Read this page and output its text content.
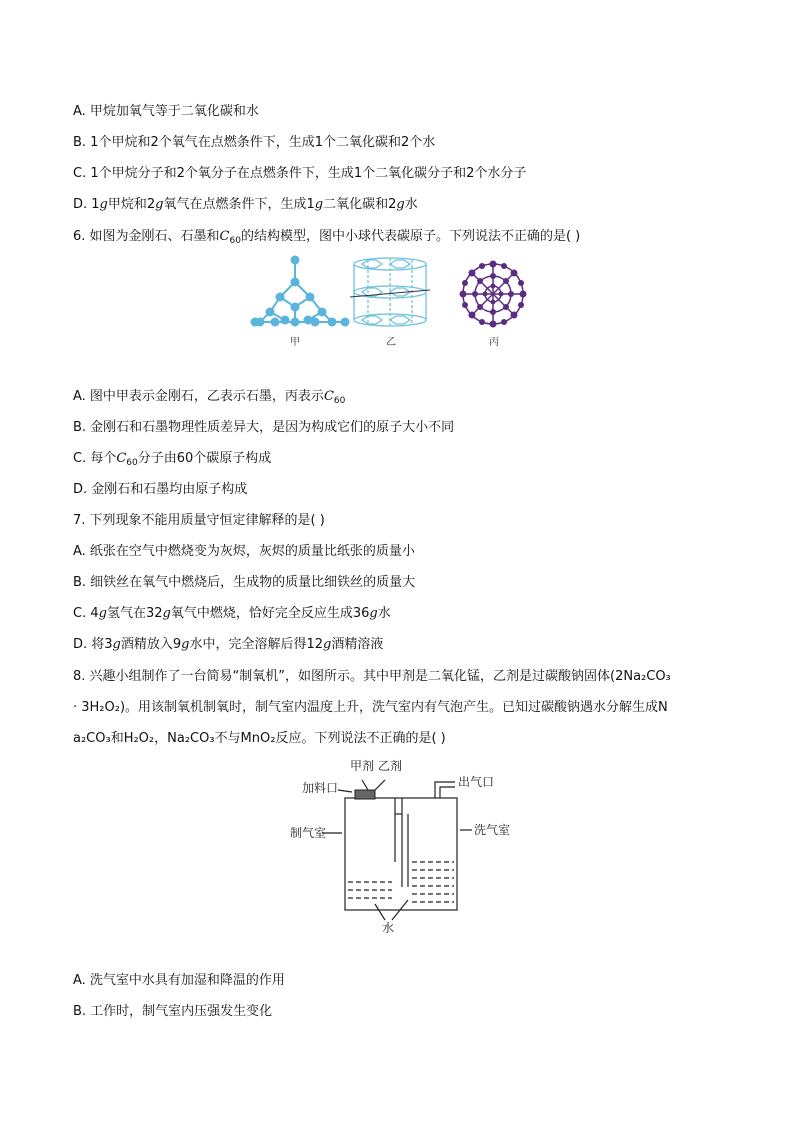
A. 甲烷加氧气等于二氧化碳和水
B. 1个甲烷和2个氧气在点燃条件下，生成1个二氧化碳和2个水
C. 1个甲烷分子和2个氧分子在点燃条件下，生成1个二氧化碳分子和2个水分子
D. 1g甲烷和2g氧气在点燃条件下，生成1g二氧化碳和2g水
6. 如图为金刚石、石墨和$C_{60}$的结构模型，图中小球代表碳原子。下列说法不正确的是( )
甲	乙	丙
A. 图中甲表示金刚石，乙表示石墨，丙表示$C_{60}$
B. 金刚石和石墨物理性质差异大，是因为构成它们的原子大小不同
C. 每个$C_{60}$分子由60个碳原子构成
D. 金刚石和石墨均由原子构成
7. 下列现象不能用质量守恒定律解释的是( )
A. 纸张在空气中燃烧变为灰烬，灰烬的质量比纸张的质量小
B. 细铁丝在氧气中燃烧后，生成物的质量比细铁丝的质量大
C. 4g氢气在32g氧气中燃烧，恰好完全反应生成36g水
D. 将3g酒精放入9g水中，完全溶解后得12g酒精溶液
8. 兴趣小组制作了一台简易“制氧机”，如图所示。其中甲剂是二氧化锰，乙剂是过碳酸钠固体(2Na₂CO₃
· 3H₂O₂)。用该制氧机制氧时，制气室内温度上升，洗气室内有气泡产生。已知过碳酸钠遇水分解生成N
a₂CO₃和H₂O₂，Na₂CO₃不与MnO₂反应。下列说法不正确的是( )
甲剂 乙剂
加料口	出气口
制气室	洗气室
水
A. 洗气室中水具有加湿和降温的作用
B. 工作时，制气室内压强发生变化
